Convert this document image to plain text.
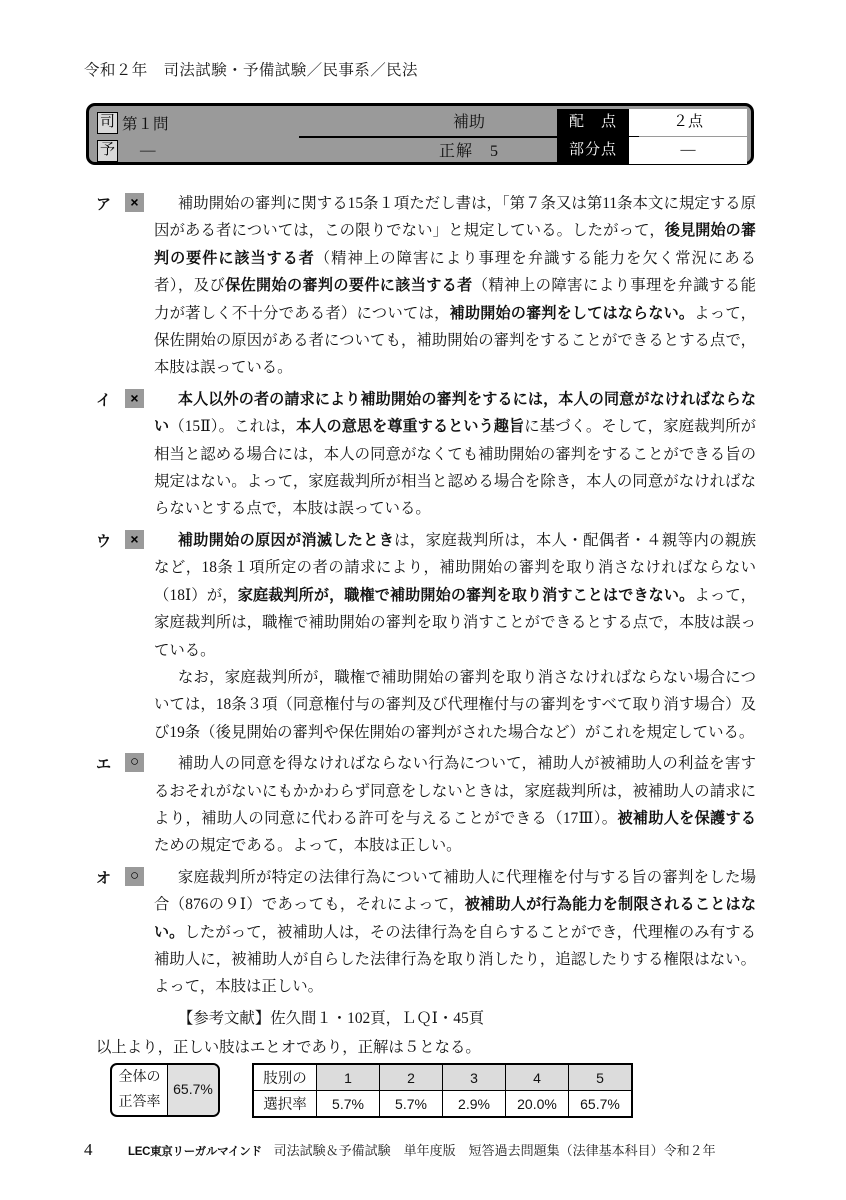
令和２年　司法試験・予備試験／民事系／民法
司 第１問
予 —
補助
正解　5
配　点	２点
部分点	—
ア	×	補助開始の審判に関する15条１項ただし書は，「第７条又は第11条本文に規定する原因がある者については，この限りでない」と規定している。したがって，後見開始の審判の要件に該当する者（精神上の障害により事理を弁識する能力を欠く常況にある者），及び保佐開始の審判の要件に該当する者（精神上の障害により事理を弁識する能力が著しく不十分である者）については，補助開始の審判をしてはならない。よって，保佐開始の原因がある者についても，補助開始の審判をすることができるとする点で，本肢は誤っている。

イ	×	本人以外の者の請求により補助開始の審判をするには，本人の同意がなければならない（15Ⅱ）。これは，本人の意思を尊重するという趣旨に基づく。そして，家庭裁判所が相当と認める場合には，本人の同意がなくても補助開始の審判をすることができる旨の規定はない。よって，家庭裁判所が相当と認める場合を除き，本人の同意がなければならないとする点で，本肢は誤っている。

ウ	×	補助開始の原因が消滅したときは，家庭裁判所は，本人・配偶者・４親等内の親族など，18条１項所定の者の請求により，補助開始の審判を取り消さなければならない（18Ⅰ）が，家庭裁判所が，職権で補助開始の審判を取り消すことはできない。よって，家庭裁判所は，職権で補助開始の審判を取り消すことができるとする点で，本肢は誤っている。

なお，家庭裁判所が，職権で補助開始の審判を取り消さなければならない場合については，18条３項（同意権付与の審判及び代理権付与の審判をすべて取り消す場合）及び19条（後見開始の審判や保佐開始の審判がされた場合など）がこれを規定している。

エ	○	補助人の同意を得なければならない行為について，補助人が被補助人の利益を害するおそれがないにもかかわらず同意をしないときは，家庭裁判所は，被補助人の請求により，補助人の同意に代わる許可を与えることができる（17Ⅲ）。被補助人を保護するための規定である。よって，本肢は正しい。

オ	○	家庭裁判所が特定の法律行為について補助人に代理権を付与する旨の審判をした場合（876の９Ⅰ）であっても，それによって，被補助人が行為能力を制限されることはない。したがって，被補助人は，その法律行為を自らすることができ，代理権のみ有する補助人に，被補助人が自らした法律行為を取り消したり，追認したりする権限はない。よって，本肢は正しい。

【参考文献】佐久間１・102頁，ＬＱⅠ・45頁
以上より，正しい肢はエとオであり，正解は５となる。
全体の
正答率
65.7%
肢別の	1	2	3	4	5
選択率	5.7%	5.7%	2.9%	20.0%	65.7%
4	LEC東京リーガルマインド 司法試験＆予備試験　単年度版　短答過去問題集（法律基本科目）令和２年
